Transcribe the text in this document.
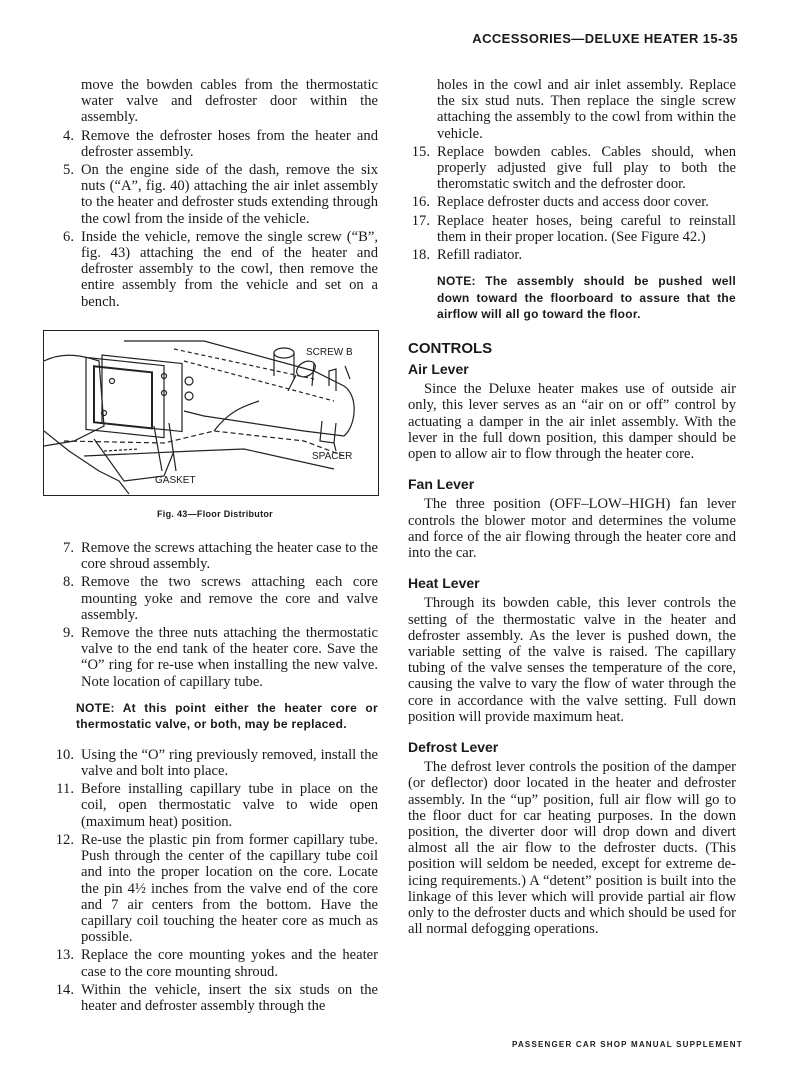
ACCESSORIES—DELUXE HEATER 15-35

move the bowden cables from the thermostatic water valve and defroster door within the assembly.

4. Remove the defroster hoses from the heater and defroster assembly.

5. On the engine side of the dash, remove the six nuts (“A”, fig. 40) attaching the air inlet assembly to the heater and defroster studs extending through the cowl from the inside of the vehicle.

6. Inside the vehicle, remove the single screw (“B”, fig. 43) attaching the end of the heater and defroster assembly to the cowl, then remove the entire assembly from the vehicle and set on a bench.

SCREW B
SPACER
GASKET
Fig. 43—Floor Distributor

7. Remove the screws attaching the heater case to the core shroud assembly.

8. Remove the two screws attaching each core mounting yoke and remove the core and valve assembly.

9. Remove the three nuts attaching the thermostatic valve to the end tank of the heater core. Save the “O” ring for re-use when installing the new valve. Note location of capillary tube.

NOTE: At this point either the heater core or thermostatic valve, or both, may be replaced.

10. Using the “O” ring previously removed, install the valve and bolt into place.

11. Before installing capillary tube in place on the coil, open thermostatic valve to wide open (maximum heat) position.

12. Re-use the plastic pin from former capillary tube. Push through the center of the capillary tube coil and into the proper location on the core. Locate the pin 4½ inches from the valve end of the core and 7 air centers from the bottom. Have the capillary coil touching the heater core as much as possible.

13. Replace the core mounting yokes and the heater case to the core mounting shroud.

14. Within the vehicle, insert the six studs on the heater and defroster assembly through the

holes in the cowl and air inlet assembly. Replace the six stud nuts. Then replace the single screw attaching the assembly to the cowl from within the vehicle.

15. Replace bowden cables. Cables should, when properly adjusted give full play to both the theromstatic switch and the defroster door.

16. Replace defroster ducts and access door cover.

17. Replace heater hoses, being careful to reinstall them in their proper location. (See Figure 42.)

18. Refill radiator.

NOTE: The assembly should be pushed well down toward the floorboard to assure that the airflow will all go toward the floor.

CONTROLS
Air Lever

Since the Deluxe heater makes use of outside air only, this lever serves as an “air on or off” control by actuating a damper in the air inlet assembly. With the lever in the full down position, this damper should be open to allow air to flow through the heater core.

Fan Lever

The three position (OFF–LOW–HIGH) fan lever controls the blower motor and determines the volume and force of the air flowing through the heater core and into the car.

Heat Lever

Through its bowden cable, this lever controls the setting of the thermostatic valve in the heater and defroster assembly. As the lever is pushed down, the variable setting of the valve is raised. The capillary tubing of the valve senses the temperature of the core, causing the valve to vary the flow of water through the core in accordance with the valve setting. Full down position will provide maximum heat.

Defrost Lever

The defrost lever controls the position of the damper (or deflector) door located in the heater and defroster assembly. In the “up” position, full air flow will go to the floor duct for car heating purposes. In the down position, the diverter door will drop down and divert almost all the air flow to the defroster ducts. (This position will seldom be needed, except for extreme de-icing requirements.) A “detent” position is built into the linkage of this lever which will provide partial air flow only to the defroster ducts and which should be used for all normal defogging operations.

PASSENGER CAR SHOP MANUAL SUPPLEMENT
